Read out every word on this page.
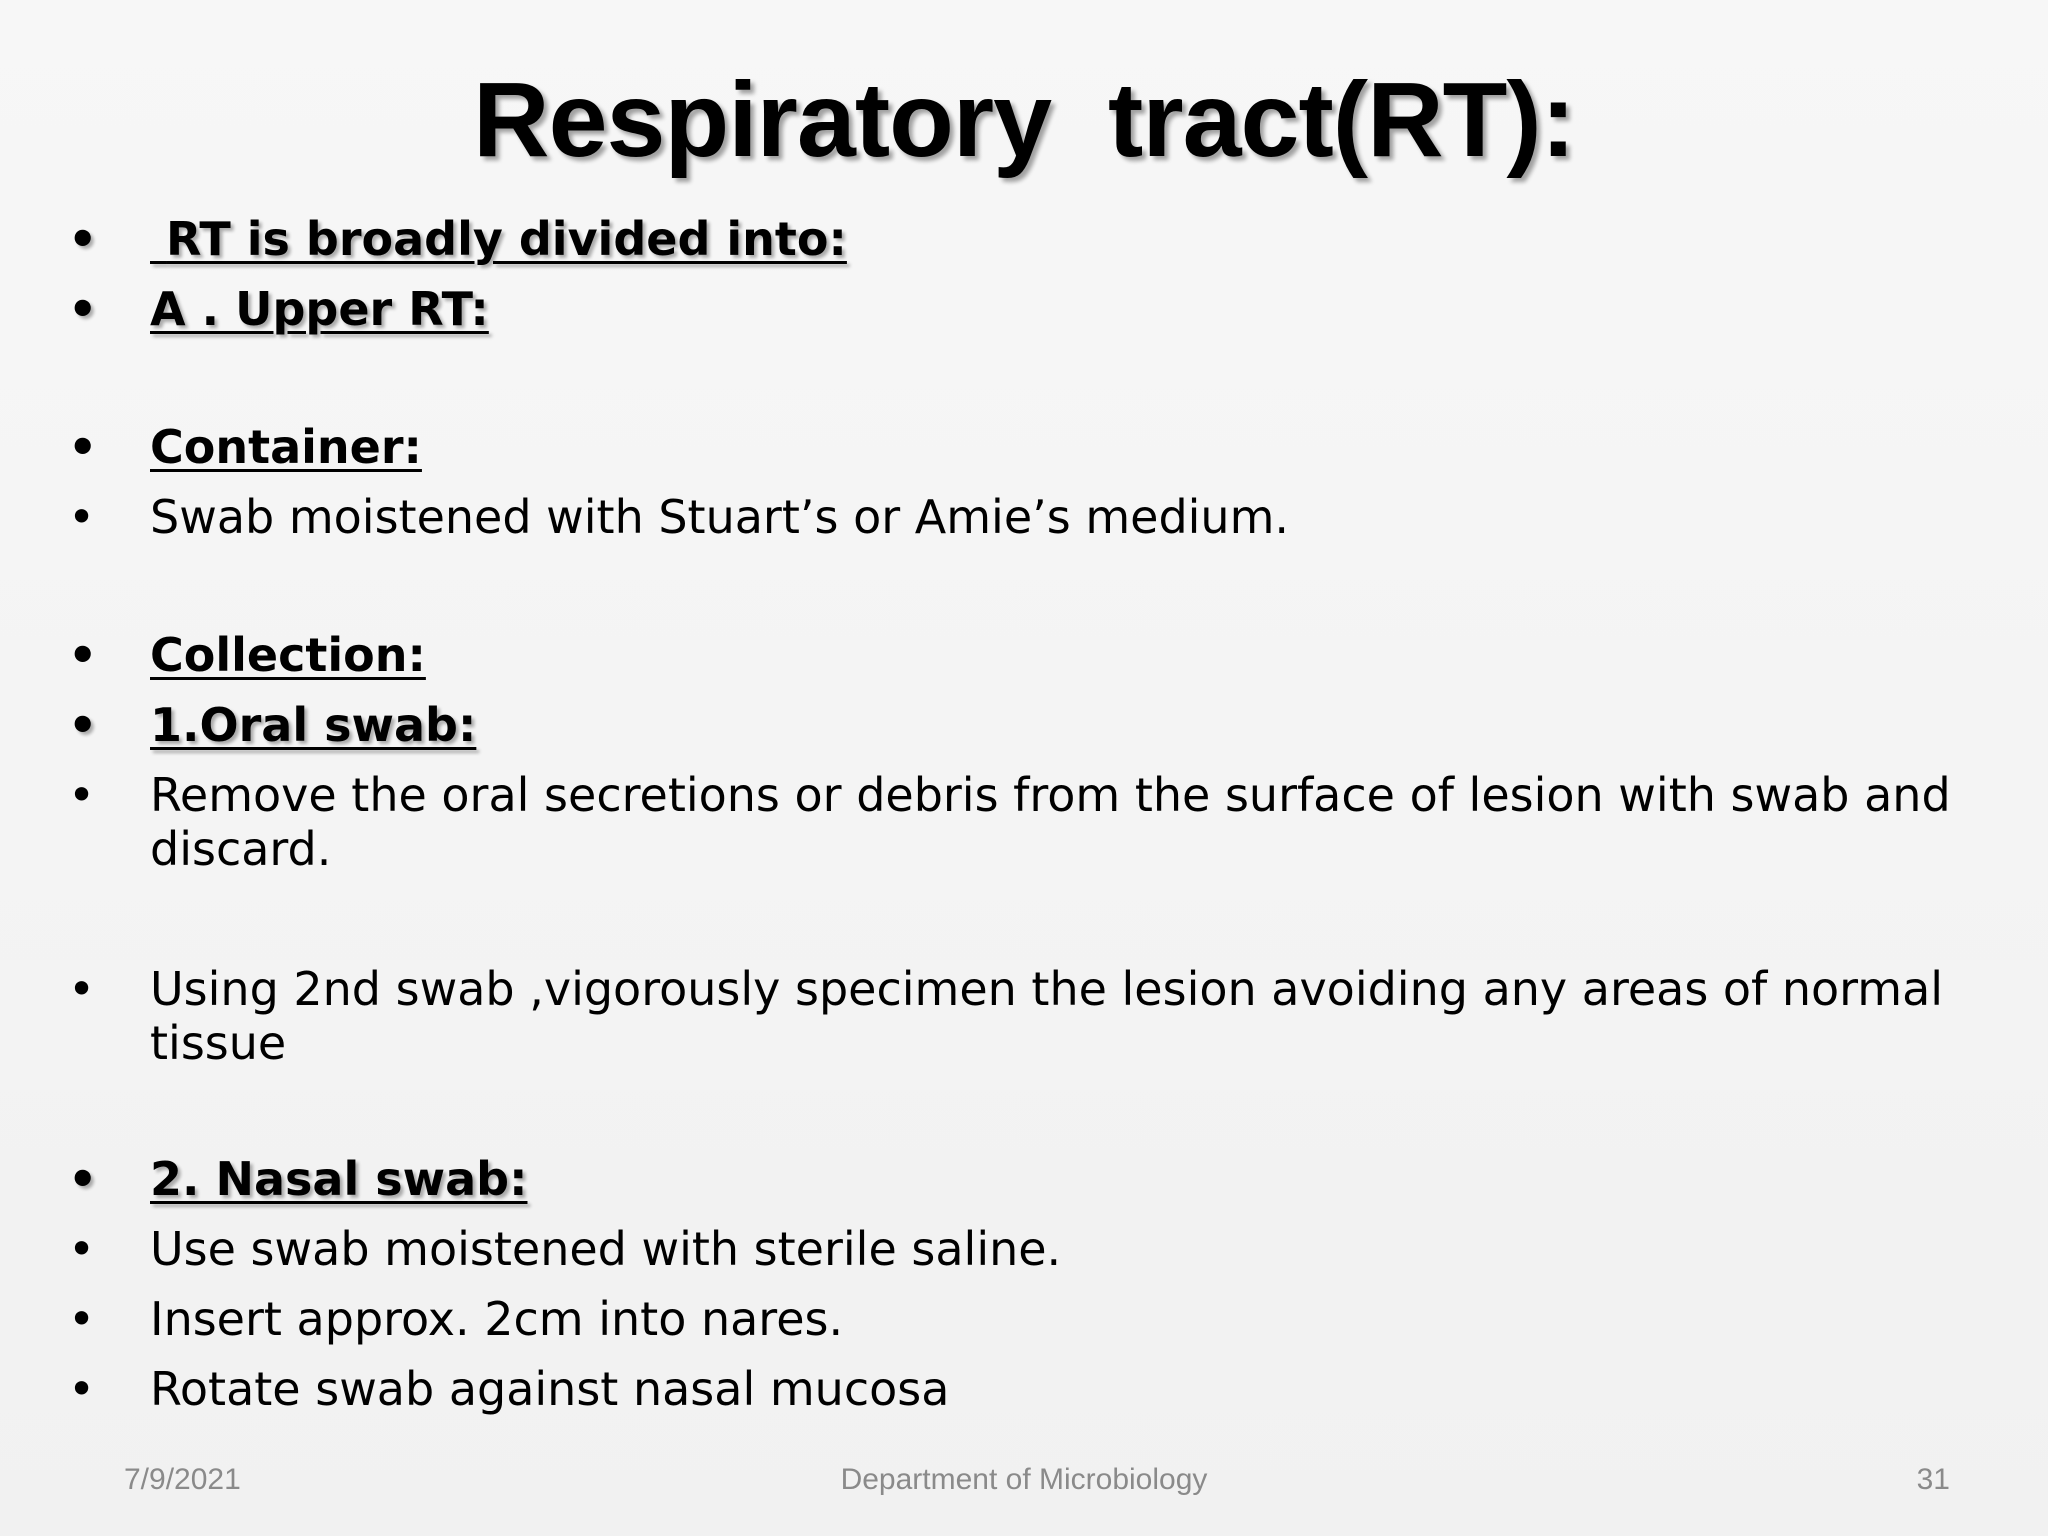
Respiratory  tract(RT):
•  RT is broadly divided into:
• A . Upper RT:
• Container:
• Swab moistened with Stuart’s or Amie’s medium.
• Collection:
• 1.Oral swab:
• Remove the oral secretions or debris from the surface of lesion with swab and discard.
• Using 2nd swab ,vigorously specimen the lesion avoiding any areas of normal tissue
• 2. Nasal swab:
• Use swab moistened with sterile saline.
• Insert approx. 2cm into nares.
• Rotate swab against nasal mucosa
7/9/2021	Department of Microbiology	31
